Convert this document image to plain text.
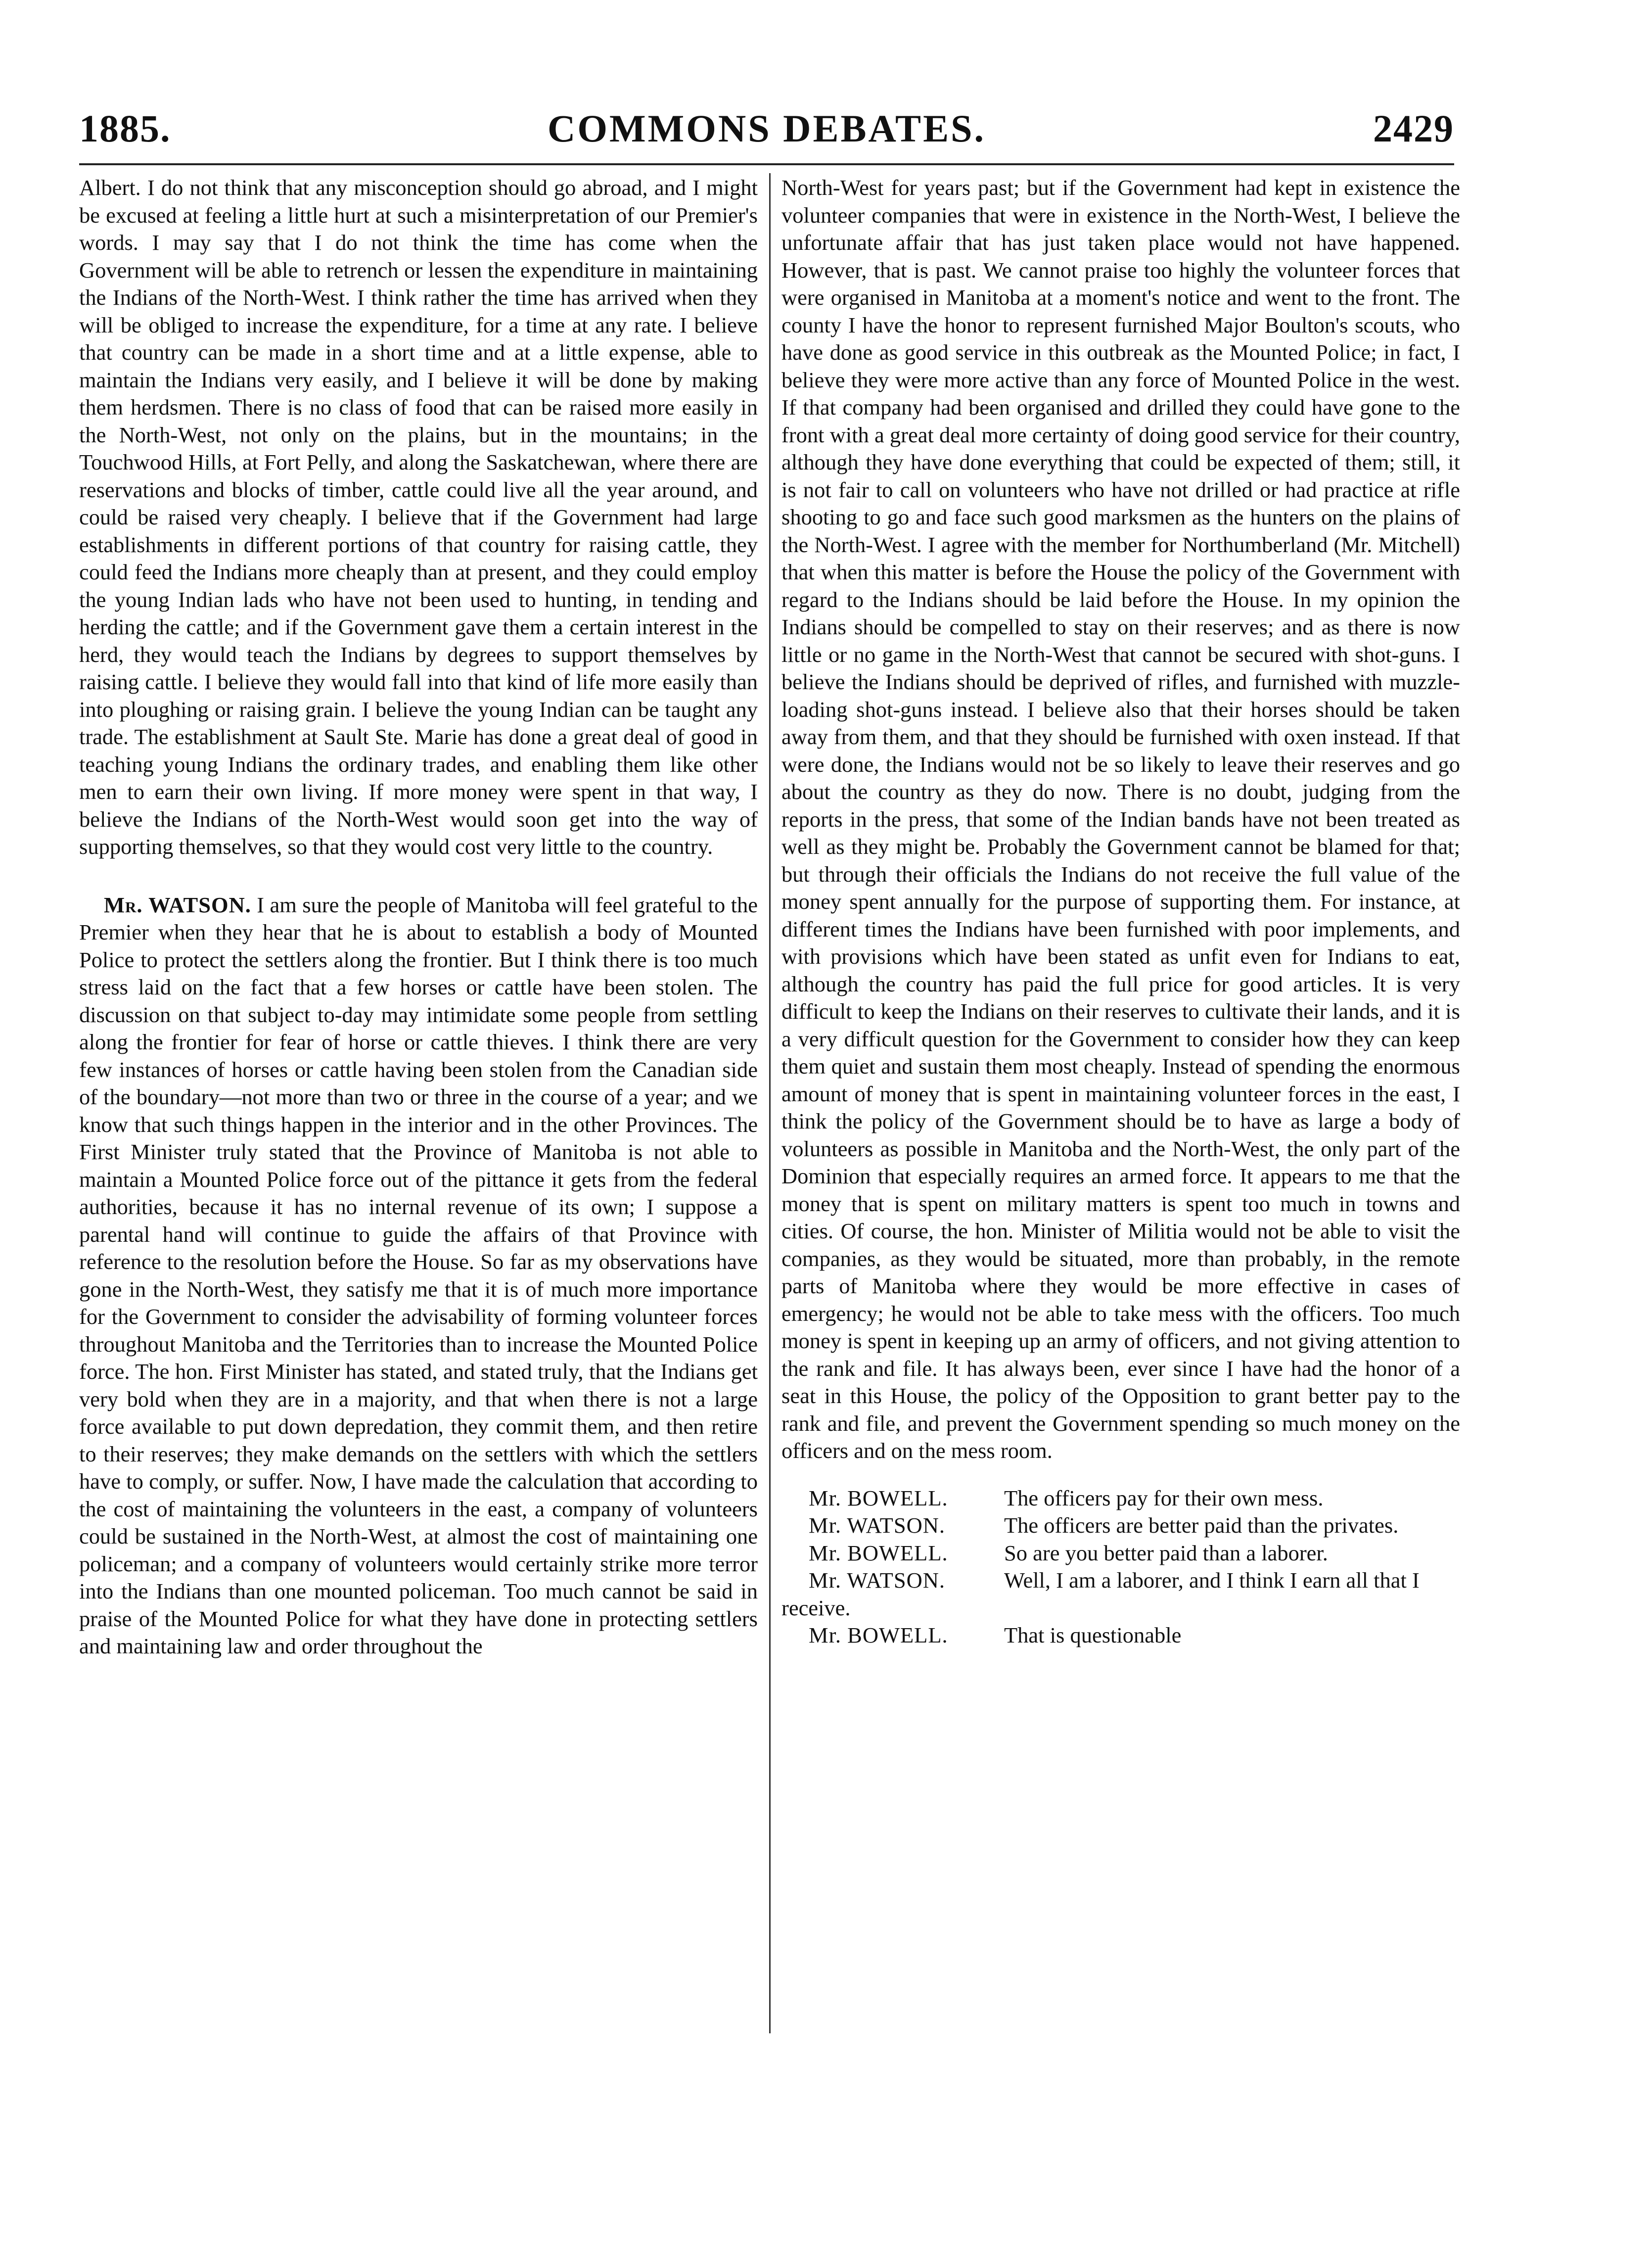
1885.	COMMONS DEBATES.	2429

Albert. I do not think that any misconception should go abroad, and I might be excused at feeling a little hurt at such a misinterpretation of our Premier's words. I may say that I do not think the time has come when the Government will be able to retrench or lessen the expenditure in maintaining the Indians of the North-West. I think rather the time has arrived when they will be obliged to increase the expenditure, for a time at any rate. I believe that country can be made in a short time and at a little expense, able to maintain the Indians very easily, and I believe it will be done by making them herdsmen. There is no class of food that can be raised more easily in the North-West, not only on the plains, but in the mountains; in the Touchwood Hills, at Fort Pelly, and along the Saskatchewan, where there are reservations and blocks of timber, cattle could live all the year around, and could be raised very cheaply. I believe that if the Government had large establishments in different portions of that country for raising cattle, they could feed the Indians more cheaply than at present, and they could employ the young Indian lads who have not been used to hunting, in tending and herding the cattle; and if the Government gave them a certain interest in the herd, they would teach the Indians by degrees to support themselves by raising cattle. I believe they would fall into that kind of life more easily than into ploughing or raising grain. I believe the young Indian can be taught any trade. The establishment at Sault Ste. Marie has done a great deal of good in teaching young Indians the ordinary trades, and enabling them like other men to earn their own living. If more money were spent in that way, I believe the Indians of the North-West would soon get into the way of supporting themselves, so that they would cost very little to the country.

Mr. WATSON. I am sure the people of Manitoba will feel grateful to the Premier when they hear that he is about to establish a body of Mounted Police to protect the settlers along the frontier. But I think there is too much stress laid on the fact that a few horses or cattle have been stolen. The discussion on that subject to-day may intimidate some people from settling along the frontier for fear of horse or cattle thieves. I think there are very few instances of horses or cattle having been stolen from the Canadian side of the boundary—not more than two or three in the course of a year; and we know that such things happen in the interior and in the other Provinces. The First Minister truly stated that the Province of Manitoba is not able to maintain a Mounted Police force out of the pittance it gets from the federal authorities, because it has no internal revenue of its own; I suppose a parental hand will continue to guide the affairs of that Province with reference to the resolution before the House. So far as my observations have gone in the North-West, they satisfy me that it is of much more importance for the Government to consider the advisability of forming volunteer forces throughout Manitoba and the Territories than to increase the Mounted Police force. The hon. First Minister has stated, and stated truly, that the Indians get very bold when they are in a majority, and that when there is not a large force available to put down depredation, they commit them, and then retire to their reserves; they make demands on the settlers with which the settlers have to comply, or suffer. Now, I have made the calculation that according to the cost of maintaining the volunteers in the east, a company of volunteers could be sustained in the North-West, at almost the cost of maintaining one policeman; and a company of volunteers would certainly strike more terror into the Indians than one mounted policeman. Too much cannot be said in praise of the Mounted Police for what they have done in protecting settlers and maintaining law and order throughout the

North-West for years past; but if the Government had kept in existence the volunteer companies that were in existence in the North-West, I believe the unfortunate affair that has just taken place would not have happened. However, that is past. We cannot praise too highly the volunteer forces that were organised in Manitoba at a moment's notice and went to the front. The county I have the honor to represent furnished Major Boulton's scouts, who have done as good service in this outbreak as the Mounted Police; in fact, I believe they were more active than any force of Mounted Police in the west. If that company had been organised and drilled they could have gone to the front with a great deal more certainty of doing good service for their country, although they have done everything that could be expected of them; still, it is not fair to call on volunteers who have not drilled or had practice at rifle shooting to go and face such good marksmen as the hunters on the plains of the North-West. I agree with the member for Northumberland (Mr. Mitchell) that when this matter is before the House the policy of the Government with regard to the Indians should be laid before the House. In my opinion the Indians should be compelled to stay on their reserves; and as there is now little or no game in the North-West that cannot be secured with shot-guns. I believe the Indians should be deprived of rifles, and furnished with muzzle-loading shot-guns instead. I believe also that their horses should be taken away from them, and that they should be furnished with oxen instead. If that were done, the Indians would not be so likely to leave their reserves and go about the country as they do now. There is no doubt, judging from the reports in the press, that some of the Indian bands have not been treated as well as they might be. Probably the Government cannot be blamed for that; but through their officials the Indians do not receive the full value of the money spent annually for the purpose of supporting them. For instance, at different times the Indians have been furnished with poor implements, and with provisions which have been stated as unfit even for Indians to eat, although the country has paid the full price for good articles. It is very difficult to keep the Indians on their reserves to cultivate their lands, and it is a very difficult question for the Government to consider how they can keep them quiet and sustain them most cheaply. Instead of spending the enormous amount of money that is spent in maintaining volunteer forces in the east, I think the policy of the Government should be to have as large a body of volunteers as possible in Manitoba and the North-West, the only part of the Dominion that especially requires an armed force. It appears to me that the money that is spent on military matters is spent too much in towns and cities. Of course, the hon. Minister of Militia would not be able to visit the companies, as they would be situated, more than probably, in the remote parts of Manitoba where they would be more effective in cases of emergency; he would not be able to take mess with the officers. Too much money is spent in keeping up an army of officers, and not giving attention to the rank and file. It has always been, ever since I have had the honor of a seat in this House, the policy of the Opposition to grant better pay to the rank and file, and prevent the Government spending so much money on the officers and on the mess room.

Mr. BOWELL.	The officers pay for their own mess.

Mr. WATSON.	The officers are better paid than the privates.

Mr. BOWELL.	So are you better paid than a laborer.

Mr. WATSON.	Well, I am a laborer, and I think I earn all that I receive.

Mr. BOWELL.	That is questionable
